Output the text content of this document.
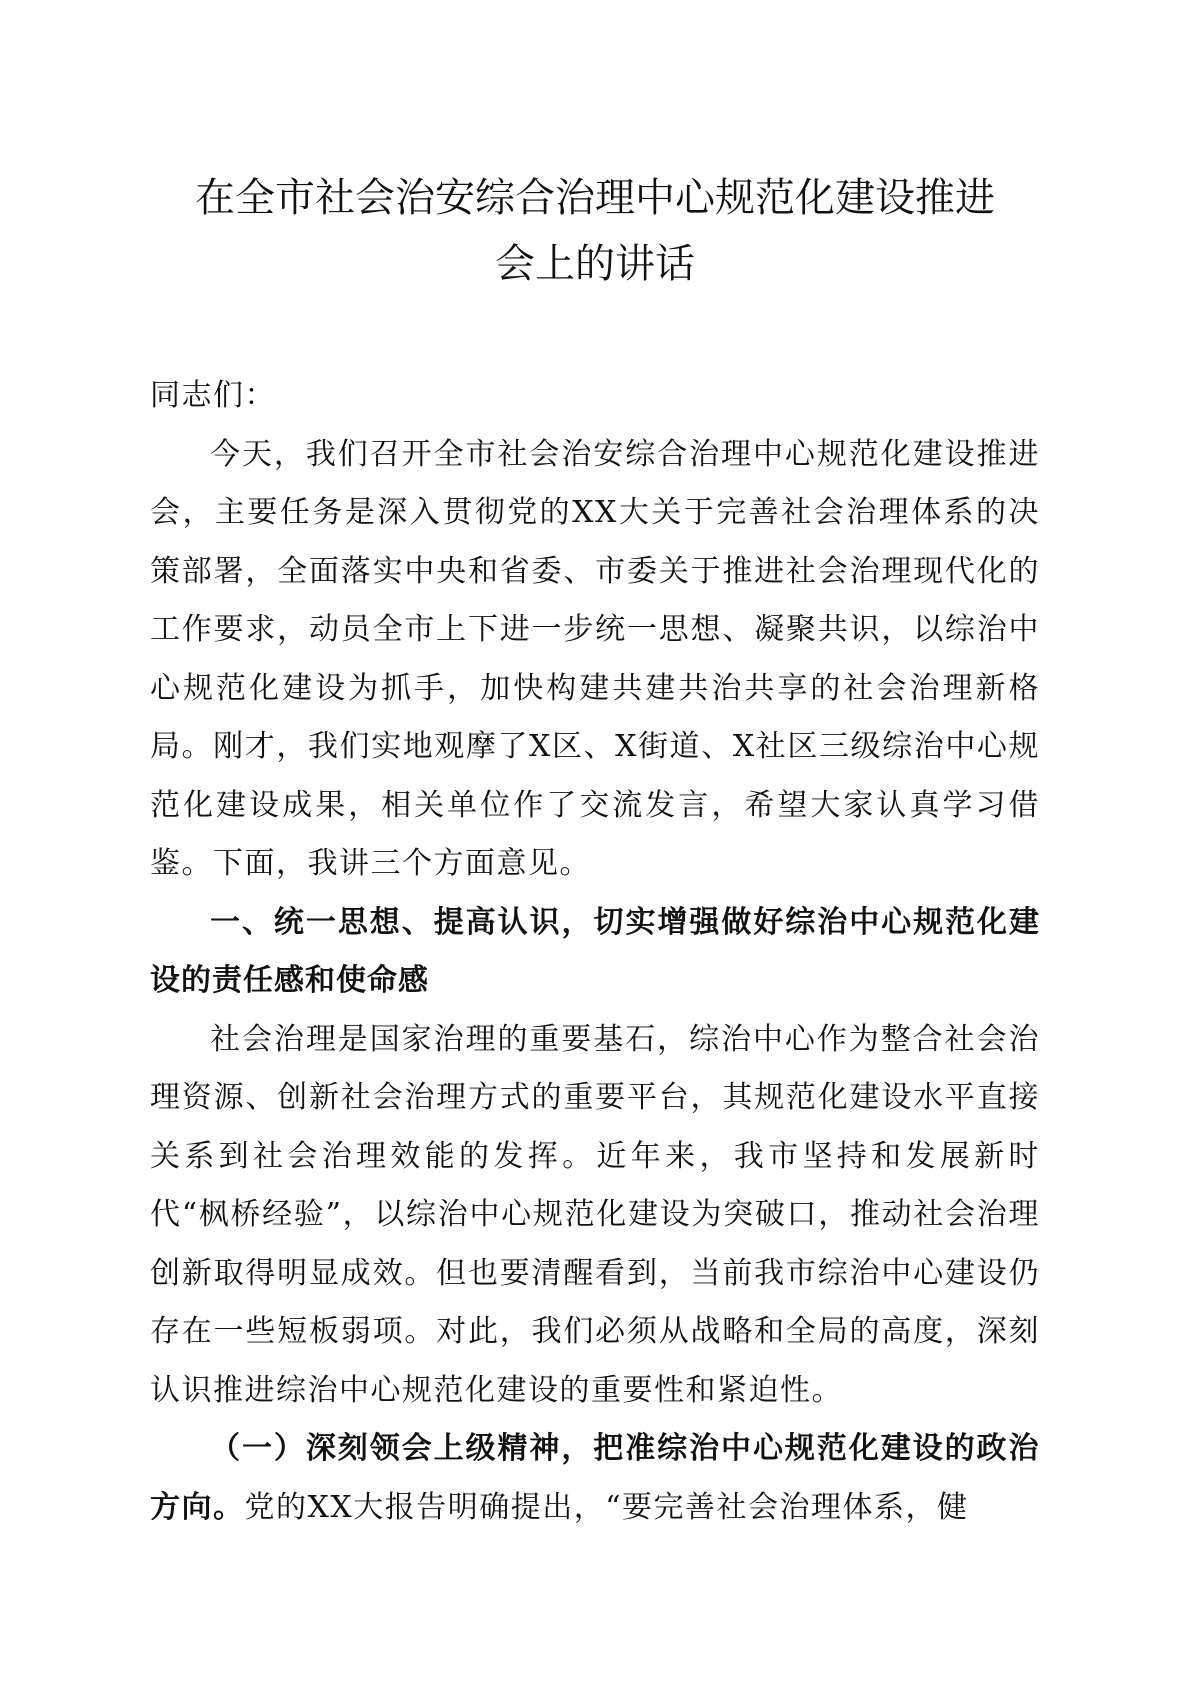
在全市社会治安综合治理中心规范化建设推进
会上的讲话

同志们：

今天，我们召开全市社会治安综合治理中心规范化建设推进会，主要任务是深入贯彻党的XX大关于完善社会治理体系的决策部署，全面落实中央和省委、市委关于推进社会治理现代化的工作要求，动员全市上下进一步统一思想、凝聚共识，以综治中心规范化建设为抓手，加快构建共建共治共享的社会治理新格局。刚才，我们实地观摩了X区、X街道、X社区三级综治中心规范化建设成果，相关单位作了交流发言，希望大家认真学习借鉴。下面，我讲三个方面意见。

一、统一思想、提高认识，切实增强做好综治中心规范化建设的责任感和使命感

社会治理是国家治理的重要基石，综治中心作为整合社会治理资源、创新社会治理方式的重要平台，其规范化建设水平直接关系到社会治理效能的发挥。近年来，我市坚持和发展新时代“枫桥经验”，以综治中心规范化建设为突破口，推动社会治理创新取得明显成效。但也要清醒看到，当前我市综治中心建设仍存在一些短板弱项。对此，我们必须从战略和全局的高度，深刻认识推进综治中心规范化建设的重要性和紧迫性。

（一）深刻领会上级精神，把准综治中心规范化建设的政治方向。党的XX大报告明确提出，“要完善社会治理体系，健
